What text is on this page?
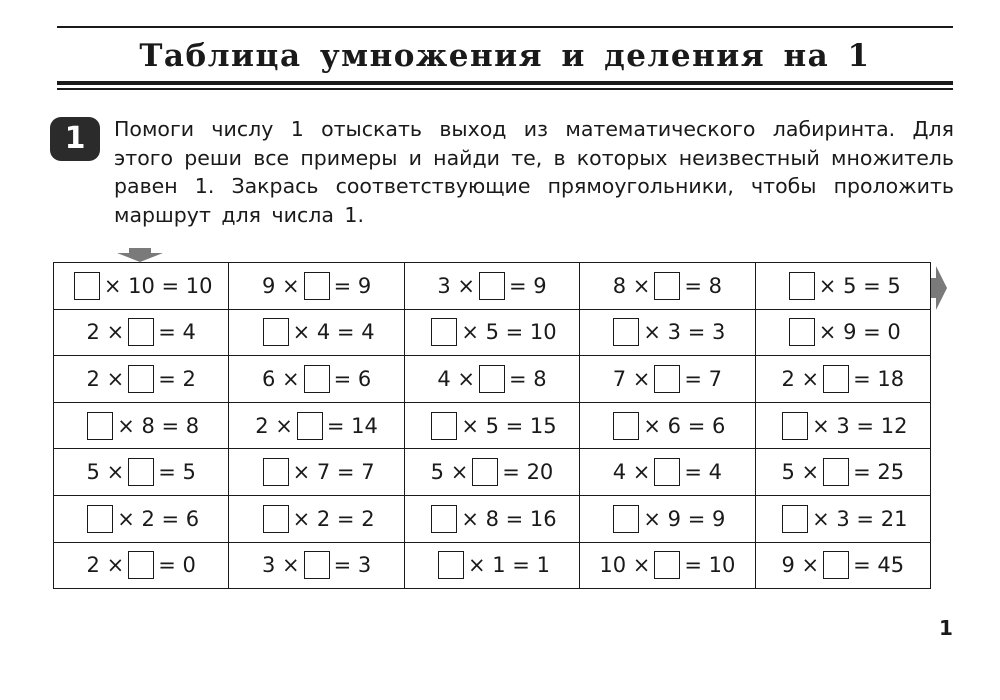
Таблица умножения и деления на 1
1	Помоги числу 1 отыскать выход из математического лабиринта. Для этого реши все примеры и найди те, в которых неизвестный множитель равен 1. Закрась соответствующие прямоугольники, чтобы проложить маршрут для числа 1.

× 10 = 10	9 × = 9	3 × = 9	8 × = 8	× 5 = 5
2 × = 4	× 4 = 4	× 5 = 10	× 3 = 3	× 9 = 0
2 × = 2	6 × = 6	4 × = 8	7 × = 7	2 × = 18
× 8 = 8	2 × = 14	× 5 = 15	× 6 = 6	× 3 = 12
5 × = 5	× 7 = 7	5 × = 20	4 × = 4	5 × = 25
× 2 = 6	× 2 = 2	× 8 = 16	× 9 = 9	× 3 = 21
2 × = 0	3 × = 3	× 1 = 1	10 × = 10	9 × = 45
1
